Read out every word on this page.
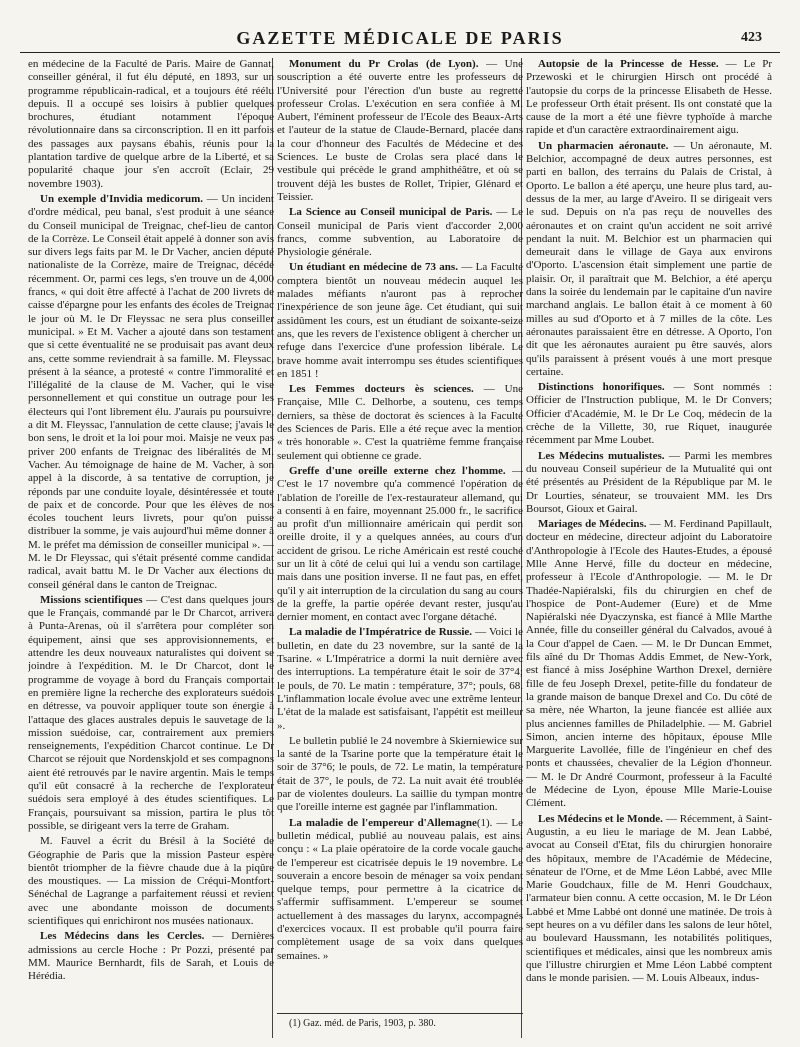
GAZETTE MÉDICALE DE PARIS	423

en médecine de la Faculté de Paris. Maire de Gannat, conseiller général, il fut élu député, en 1893, sur un programme républicain-radical, et a toujours été réélu depuis. Il a occupé ses loisirs à publier quelques brochures, étudiant notamment l'époque révolutionnaire dans sa circonscription. Il en itt parfois des passages aux paysans ébahis, réunis pour la plantation tardive de quelque arbre de la Liberté, et sa popularité chaque jour s'en accroît (Eclair, 29 novembre 1903).

Un exemple d'Invidia medicorum. — Un incident d'ordre médical, peu banal, s'est produit à une séance du Conseil municipal de Treignac, chef-lieu de canton de la Corrèze. Le Conseil était appelé à donner son avis sur divers legs faits par M. le Dr Vacher, ancien député nationaliste de la Corrèze, maire de Treignac, décédé récemment. Or, parmi ces legs, s'en trouve un de 4,000 francs, « qui doit être affecté à l'achat de 200 livrets de caisse d'épargne pour les enfants des écoles de Treignac le jour où M. le Dr Fleyssac ne sera plus conseiller municipal. » Et M. Vacher a ajouté dans son testament que si cette éventualité ne se produisait pas avant deux ans, cette somme reviendrait à sa famille. M. Fleyssac, présent à la séance, a protesté « contre l'immoralité et l'illégalité de la clause de M. Vacher, qui le vise personnellement et qui constitue un outrage pour les électeurs qui l'ont librement élu. J'aurais pu poursuivre, a dit M. Fleyssac, l'annulation de cette clause; j'avais le bon sens, le droit et la loi pour moi. Maisje ne veux pas priver 200 enfants de Treignac des libéralités de M. Vacher. Au témoignage de haine de M. Vacher, à son appel à la discorde, à sa tentative de corruption, je réponds par une conduite loyale, désintéressée et toute de paix et de concorde. Pour que les élèves de nos écoles touchent leurs livrets, pour qu'on puisse distribuer la somme, je vais aujourd'hui même donner à M. le préfet ma démission de conseiller municipal ». — M. le Dr Fleyssac, qui s'était présenté comme candidat radical, avait battu M. le Dr Vacher aux élections du conseil général dans le canton de Treignac.

Missions scientifiques — C'est dans quelques jours que le Français, commandé par le Dr Charcot, arrivera à Punta-Arenas, où il s'arrêtera pour compléter son équipement, ainsi que ses approvisionnements, et attendre les deux nouveaux naturalistes qui doivent se joindre à l'expédition. M. le Dr Charcot, dont le programme de voyage à bord du Français comportait en première ligne la recherche des explorateurs suédois en détresse, va pouvoir appliquer toute son énergie à l'attaque des glaces australes depuis le sauvetage de la mission suédoise, car, contrairement aux premiers renseignements, l'expédition Charcot continue. Le Dr Charcot se réjouit que Nordenskjold et ses compagnons aient été retrouvés par le navire argentin. Mais le temps qu'il eût consacré à la recherche de l'explorateur suédois sera employé à des études scientifiques. Le Français, poursuivant sa mission, partira le plus tôt possible, se dirigeant vers la terre de Graham.

M. Fauvel a écrit du Brésil à la Société de Géographie de Paris que la mission Pasteur espère bientôt triompher de la fièvre chaude due à la piqûre des moustiques. — La mission de Créqui-Montfort-Sénéchal de Lagrange a parfaitement réussi et revient avec une abondante moisson de documents scientifiques qui enrichiront nos musées nationaux.

Les Médecins dans les Cercles. — Dernières admissions au cercle Hoche : Pr Pozzi, présenté par MM. Maurice Bernhardt, fils de Sarah, et Louis de Hérédia.

Monument du Pr Crolas (de Lyon). — Une souscription a été ouverte entre les professeurs de l'Université pour l'érection d'un buste au regretté professeur Crolas. L'exécution en sera confiée à M. Aubert, l'éminent professeur de l'Ecole des Beaux-Arts et l'auteur de la statue de Claude-Bernard, placée dans la cour d'honneur des Facultés de Médecine et des Sciences. Le buste de Crolas sera placé dans le vestibule qui précède le grand amphithéâtre, et où se trouvent déjà les bustes de Rollet, Tripier, Glénard et Teissier.

La Science au Conseil municipal de Paris. — Le Conseil municipal de Paris vient d'accorder 2,000 francs, comme subvention, au Laboratoire de Physiologie générale.

Un étudiant en médecine de 73 ans. — La Faculté comptera bientôt un nouveau médecin auquel les malades méfiants n'auront pas à reprocher l'inexpérience de son jeune âge. Cet étudiant, qui suit assidûment les cours, est un étudiant de soixante-seize ans, que les revers de l'existence obligent à chercher un refuge dans l'exercice d'une profession libérale. Le brave homme avait interrompu ses études scientifiques en 1851 !

Les Femmes docteurs ès sciences. — Une Française, Mlle C. Delhorbe, a soutenu, ces temps derniers, sa thèse de doctorat ès sciences à la Faculté des Sciences de Paris. Elle a été reçue avec la mention « très honorable ». C'est la quatrième femme française seulement qui obtienne ce grade.

Greffe d'une oreille externe chez l'homme. — C'est le 17 novembre qu'a commencé l'opération de l'ablation de l'oreille de l'ex-restaurateur allemand, qui a consenti à en faire, moyennant 25.000 fr., le sacrifice au profit d'un millionnaire américain qui perdit son oreille droite, il y a quelques années, au cours d'un accident de grisou. Le riche Américain est resté couché sur un lit à côté de celui qui lui a vendu son cartilage, mais dans une position inverse. Il ne faut pas, en effet, qu'il y ait interruption de la circulation du sang au cours de la greffe, la partie opérée devant rester, jusqu'au dernier moment, en contact avec l'organe détaché.

La maladie de l'Impératrice de Russie. — Voici le bulletin, en date du 23 novembre, sur la santé de la Tsarine. « L'Impératrice a dormi la nuit dernière avec des interruptions. La température était le soir de 37°4; le pouls, de 70. Le matin : température, 37°; pouls, 68. L'inflammation locale évolue avec une extrême lenteur. L'état de la malade est satisfaisant, l'appétit est meilleur ».

Le bulletin publié le 24 novembre à Skierniewice sur la santé de la Tsarine porte que la température était le soir de 37°6; le pouls, de 72. Le matin, la température était de 37°, le pouls, de 72. La nuit avait été troublée par de violentes douleurs. La saillie du tympan montre que l'oreille interne est gagnée par l'inflammation.

La maladie de l'empereur d'Allemagne(1). — Le bulletin médical, publié au nouveau palais, est ainsi conçu : « La plaie opératoire de la corde vocale gauche de l'empereur est cicatrisée depuis le 19 novembre. Le souverain a encore besoin de ménager sa voix pendant quelque temps, pour permettre à la cicatrice de s'affermir suffisamment. L'empereur se soumet actuellement à des massages du larynx, accompagnés d'exercices vocaux. Il est probable qu'il pourra faire complètement usage de sa voix dans quelques semaines. »

(1) Gaz. méd. de Paris, 1903, p. 380.

Autopsie de la Princesse de Hesse. — Le Pr Przewoski et le chirurgien Hirsch ont procédé à l'autopsie du corps de la princesse Elisabeth de Hesse. Le professeur Orth était présent. Ils ont constaté que la cause de la mort a été une fièvre typhoïde à marche rapide et d'un caractère extraordinairement aigu.

Un pharmacien aéronaute. — Un aéronaute, M. Belchior, accompagné de deux autres personnes, est parti en ballon, des terrains du Palais de Cristal, à Oporto. Le ballon a été aperçu, une heure plus tard, au-dessus de la mer, au large d'Aveiro. Il se dirigeait vers le sud. Depuis on n'a pas reçu de nouvelles des aéronautes et on craint qu'un accident ne soit arrivé pendant la nuit. M. Belchior est un pharmacien qui demeurait dans le village de Gaya aux environs d'Oporto. L'ascension était simplement une partie de plaisir. Or, il paraîtrait que M. Belchior, a été aperçu dans la soirée du lendemain par le capitaine d'un navire marchand anglais. Le ballon était à ce moment à 60 milles au sud d'Oporto et à 7 milles de la côte. Les aéronautes paraissaient être en détresse. A Oporto, l'on dit que les aéronautes auraient pu être sauvés, alors qu'ils paraissent à présent voués à une mort presque certaine.

Distinctions honorifiques. — Sont nommés : Officier de l'Instruction publique, M. le Dr Convers; Officier d'Académie, M. le Dr Le Coq, médecin de la crèche de la Villette, 30, rue Riquet, inaugurée récemment par Mme Loubet.

Les Médecins mutualistes. — Parmi les membres du nouveau Conseil supérieur de la Mutualité qui ont été présentés au Président de la République par M. le Dr Lourties, sénateur, se trouvaient MM. les Drs Boursot, Gioux et Gairal.

Mariages de Médecins. — M. Ferdinand Papillault, docteur en médecine, directeur adjoint du Laboratoire d'Anthropologie à l'Ecole des Hautes-Etudes, a épousé Mlle Anne Hervé, fille du docteur en médecine, professeur à l'Ecole d'Anthropologie. — M. le Dr Thadée-Napiéralski, fils du chirurgien en chef de l'hospice de Pont-Audemer (Eure) et de Mme Napiéralski née Dyaczynska, est fiancé à Mlle Marthe Année, fille du conseiller général du Calvados, avoué à la Cour d'appel de Caen. — M. le Dr Duncan Emmet, fils aîné du Dr Thomas Addis Emmet, de New-York, est fiancé à miss Joséphine Warthon Drexel, dernière fille de feu Joseph Drexel, petite-fille du fondateur de la grande maison de banque Drexel and Co. Du côté de sa mère, née Wharton, la jeune fiancée est alliée aux plus anciennes familles de Philadelphie. — M. Gabriel Simon, ancien interne des hôpitaux, épouse Mlle Marguerite Lavollée, fille de l'ingénieur en chef des ponts et chaussées, chevalier de la Légion d'honneur. — M. le Dr André Courmont, professeur à la Faculté de Médecine de Lyon, épouse Mlle Marie-Louise Clément.

Les Médecins et le Monde. — Récemment, à Saint-Augustin, a eu lieu le mariage de M. Jean Labbé, avocat au Conseil d'Etat, fils du chirurgien honoraire des hôpitaux, membre de l'Académie de Médecine, sénateur de l'Orne, et de Mme Léon Labbé, avec Mlle Marie Goudchaux, fille de M. Henri Goudchaux, l'armateur bien connu. A cette occasion, M. le Dr Léon Labbé et Mme Labbé ont donné une matinée. De trois à sept heures on a vu défiler dans les salons de leur hôtel, au boulevard Haussmann, les notabilités politiques, scientifiques et médicales, ainsi que les nombreux amis que l'illustre chirurgien et Mme Léon Labbé comptent dans le monde parisien. — M. Louis Albeaux, indus-
